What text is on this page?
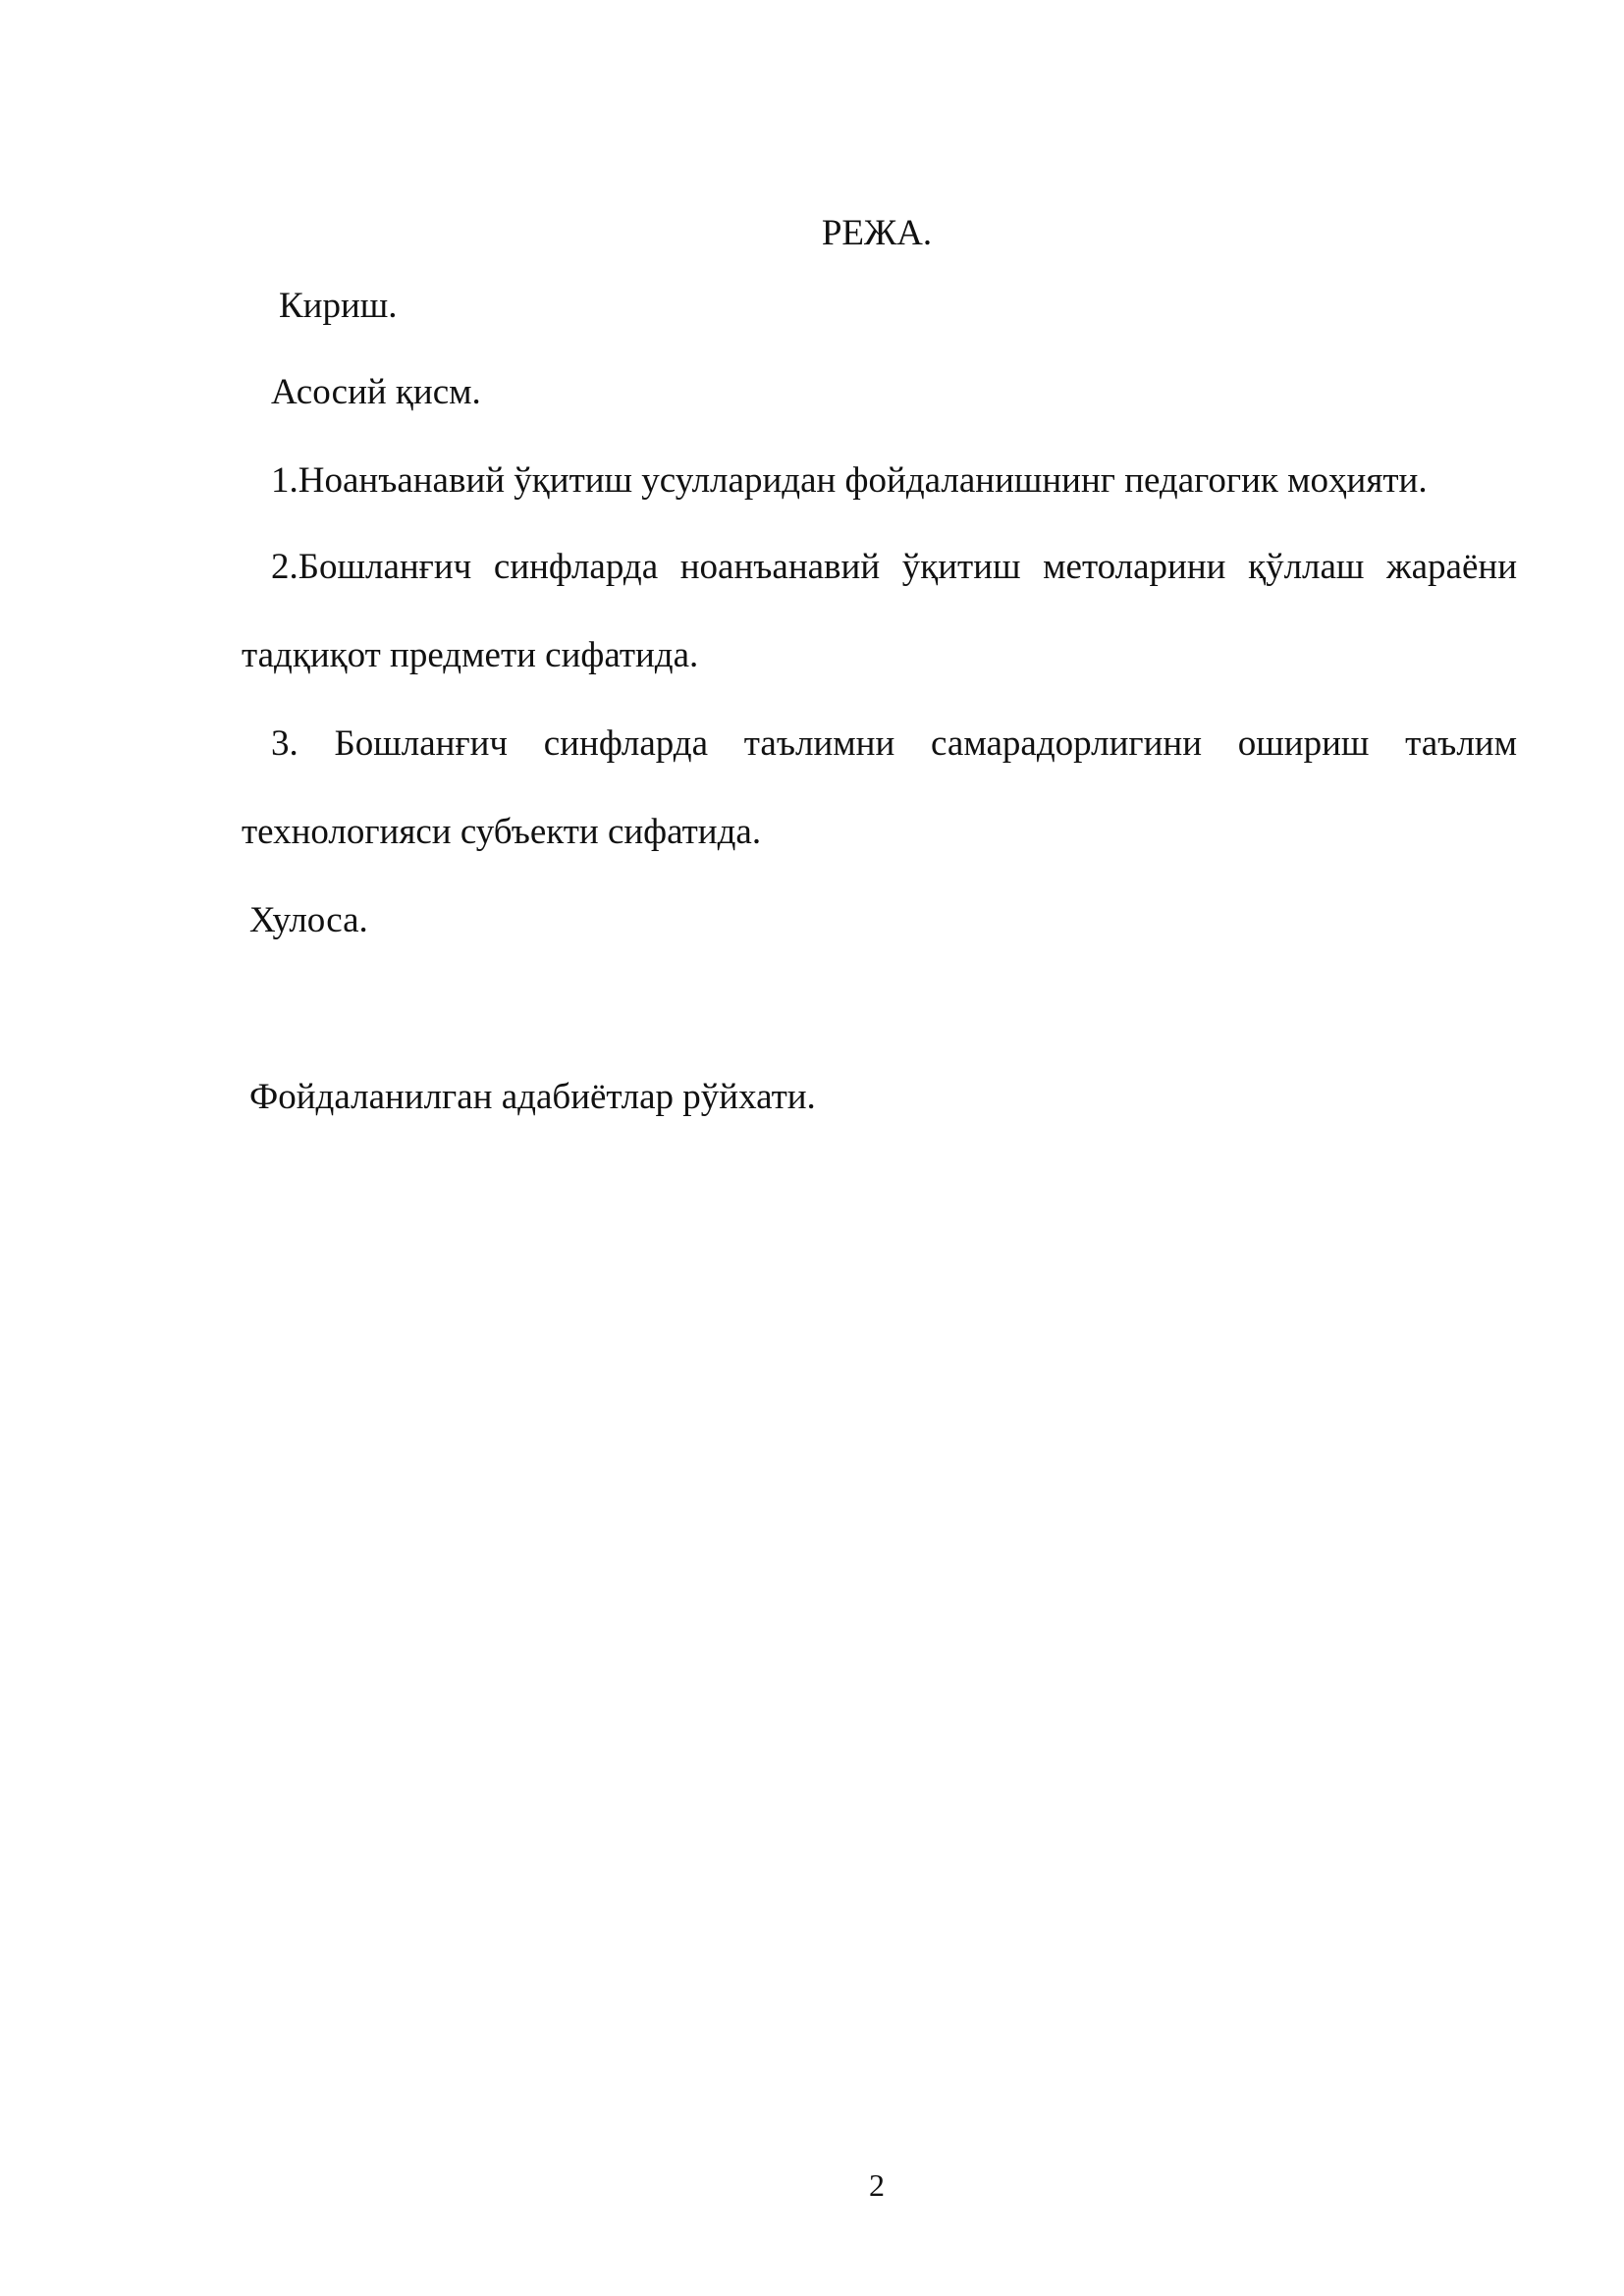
РЕЖА.
Кириш.
Асосий қисм.
1.Ноанъанавий ўқитиш усулларидан фойдаланишнинг педагогик моҳияти.
2.Бошланғич синфларда ноанъанавий ўқитиш метоларини қўллаш жараёни
тадқиқот предмети сифатида.
3. Бошланғич синфларда таълимни самарадорлигини ошириш таълим
технологияси субъекти сифатида.
Хулоса.
Фойдаланилган адабиётлар рўйхати.
2
